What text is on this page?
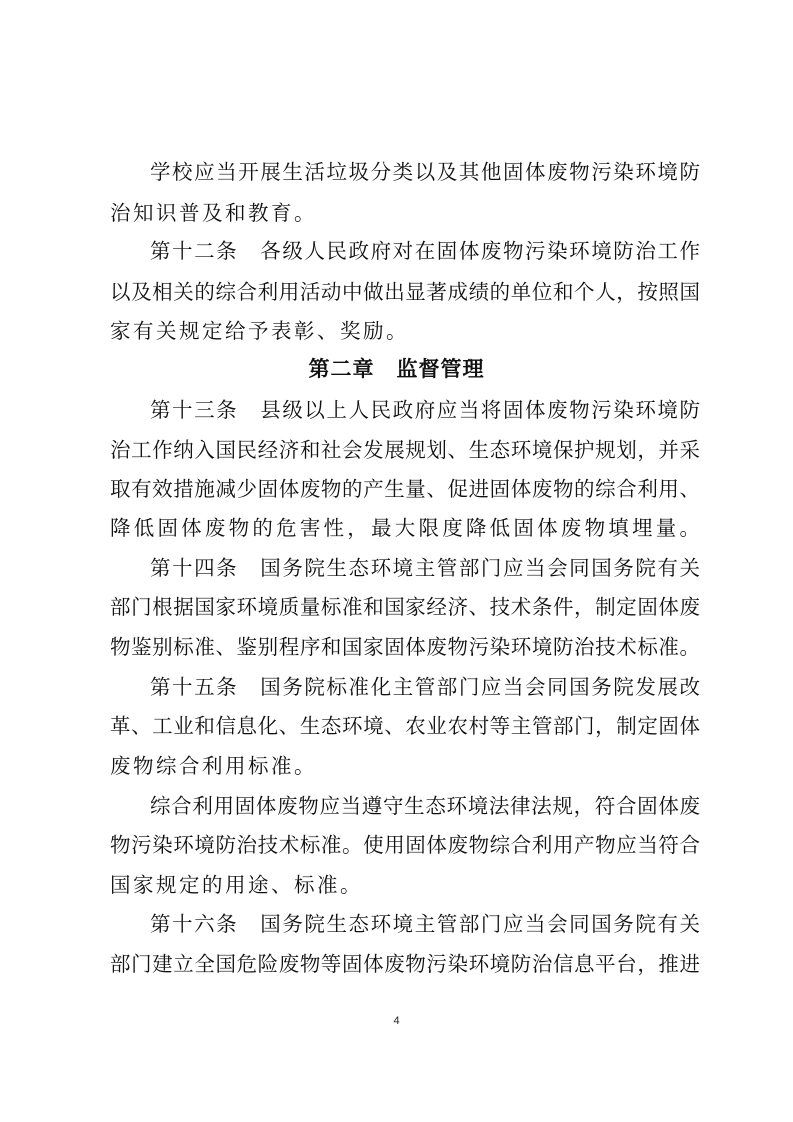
学校应当开展生活垃圾分类以及其他固体废物污染环境防
治知识普及和教育。
第十二条　各级人民政府对在固体废物污染环境防治工作
以及相关的综合利用活动中做出显著成绩的单位和个人，按照国
家有关规定给予表彰、奖励。
第二章　监督管理
第十三条　县级以上人民政府应当将固体废物污染环境防
治工作纳入国民经济和社会发展规划、生态环境保护规划，并采
取有效措施减少固体废物的产生量、促进固体废物的综合利用、
降低固体废物的危害性，最大限度降低固体废物填埋量。
第十四条　国务院生态环境主管部门应当会同国务院有关
部门根据国家环境质量标准和国家经济、技术条件，制定固体废
物鉴别标准、鉴别程序和国家固体废物污染环境防治技术标准。
第十五条　国务院标准化主管部门应当会同国务院发展改
革、工业和信息化、生态环境、农业农村等主管部门，制定固体
废物综合利用标准。
综合利用固体废物应当遵守生态环境法律法规，符合固体废
物污染环境防治技术标准。使用固体废物综合利用产物应当符合
国家规定的用途、标准。
第十六条　国务院生态环境主管部门应当会同国务院有关
部门建立全国危险废物等固体废物污染环境防治信息平台，推进
4
